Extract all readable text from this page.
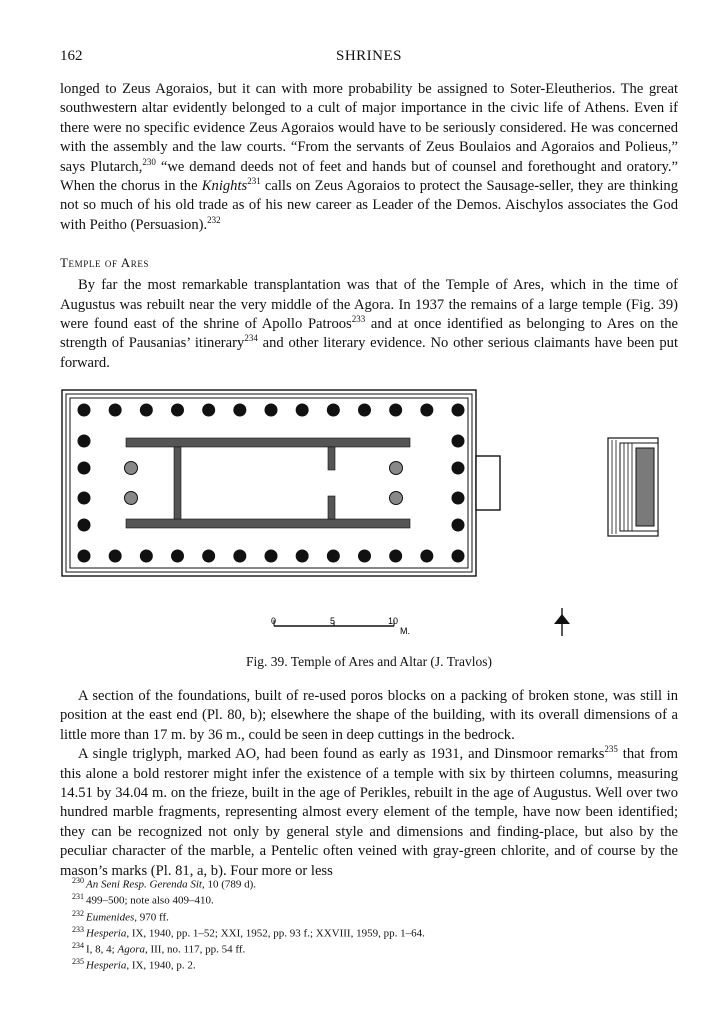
162	SHRINES

longed to Zeus Agoraios, but it can with more probability be assigned to Soter-Eleutherios. The great southwestern altar evidently belonged to a cult of major importance in the civic life of Athens. Even if there were no specific evidence Zeus Agoraios would have to be seriously considered. He was concerned with the assembly and the law courts. “From the servants of Zeus Boulaios and Agoraios and Polieus,” says Plutarch,$^{230}$ “we demand deeds not of feet and hands but of counsel and forethought and oratory.” When the chorus in the Knights$^{231}$ calls on Zeus Agoraios to protect the Sausage-seller, they are thinking not so much of his old trade as of his new career as Leader of the Demos. Aischylos associates the God with Peitho (Persuasion).$^{232}$

Temple of Ares

By far the most remarkable transplantation was that of the Temple of Ares, which in the time of Augustus was rebuilt near the very middle of the Agora. In 1937 the remains of a large temple (Fig. 39) were found east of the shrine of Apollo Patroos$^{233}$ and at once identified as belonging to Ares on the strength of Pausanias’ itinerary$^{234}$ and other literary evidence. No other serious claimants have been put forward.

0	5	10
M.
Fig. 39. Temple of Ares and Altar (J. Travlos)

A section of the foundations, built of re-used poros blocks on a packing of broken stone, was still in position at the east end (Pl. 80, b); elsewhere the shape of the building, with its overall dimensions of a little more than 17 m. by 36 m., could be seen in deep cuttings in the bedrock.

A single triglyph, marked AO, had been found as early as 1931, and Dinsmoor remarks$^{235}$ that from this alone a bold restorer might infer the existence of a temple with six by thirteen columns, measuring 14.51 by 34.04 m. on the frieze, built in the age of Perikles, rebuilt in the age of Augustus. Well over two hundred marble fragments, representing almost every element of the temple, have now been identified; they can be recognized not only by general style and dimensions and finding-place, but also by the peculiar character of the marble, a Pentelic often veined with gray-green chlorite, and of course by the mason’s marks (Pl. 81, a, b). Four more or less

$^{230}$ An Seni Resp. Gerenda Sit, 10 (789 d).
$^{231}$ 499–500; note also 409–410.
$^{232}$ Eumenides, 970 ff.
$^{233}$ Hesperia, IX, 1940, pp. 1–52; XXI, 1952, pp. 93 f.; XXVIII, 1959, pp. 1–64.
$^{234}$ I, 8, 4; Agora, III, no. 117, pp. 54 ff.
$^{235}$ Hesperia, IX, 1940, p. 2.
